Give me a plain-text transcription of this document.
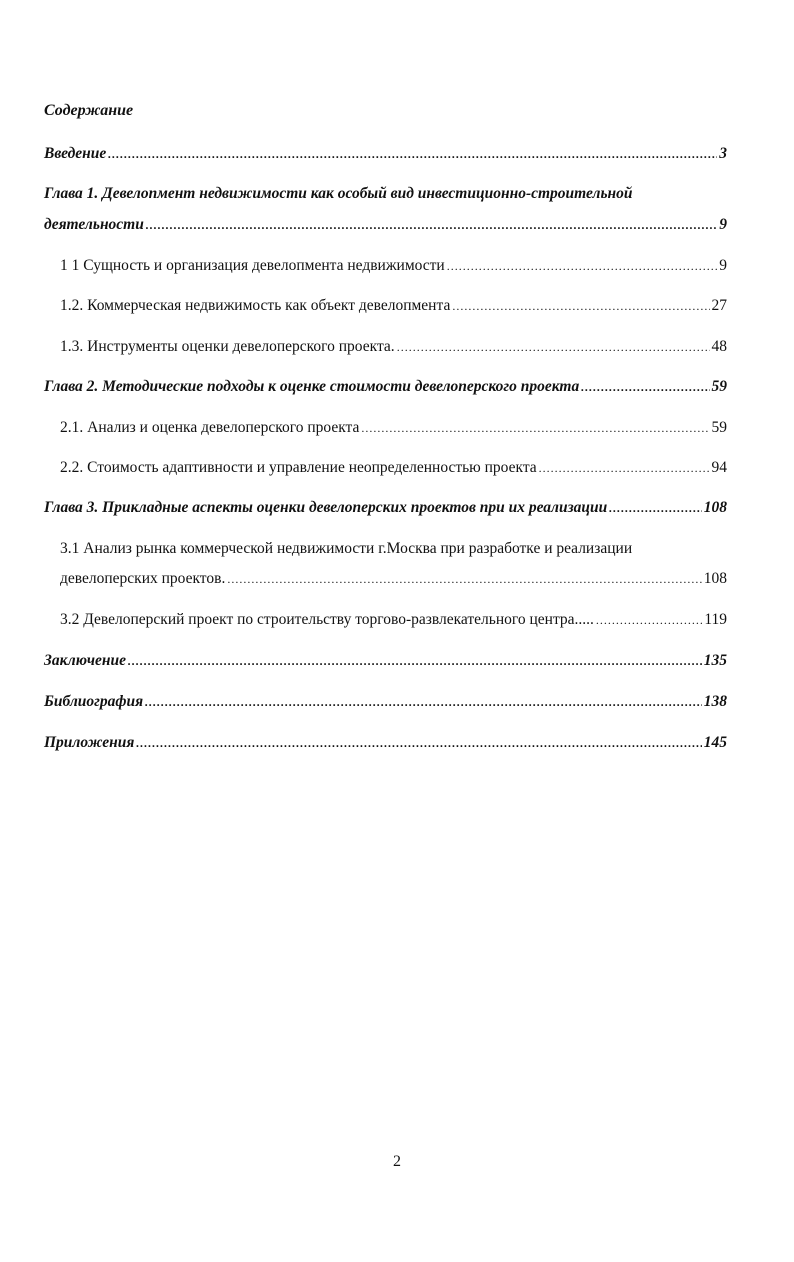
Содержание
Введение .....	3
Глава 1. Девелопмент недвижимости как особый вид инвестиционно-строительной
деятельности .....	9
1 1 Сущность и организация девелопмента недвижимости .....	9
1.2. Коммерческая недвижимость как объект девелопмента .....	27
1.3. Инструменты оценки девелоперского проекта. .....	48
Глава 2. Методические подходы к оценке стоимости девелоперского проекта .....	59
2.1. Анализ и оценка девелоперского проекта .....	59
2.2. Стоимость адаптивности и управление неопределенностью проекта .....	94
Глава 3. Прикладные аспекты оценки девелоперских проектов при их реализации .....	108
3.1 Анализ рынка коммерческой недвижимости г.Москва при разработке и реализации
девелоперских проектов. .....	108
3.2 Девелоперский проект по строительству торгово-развлекательного центра..... .....	119
Заключение .....	135
Библиография .....	138
Приложения .....	145
2
